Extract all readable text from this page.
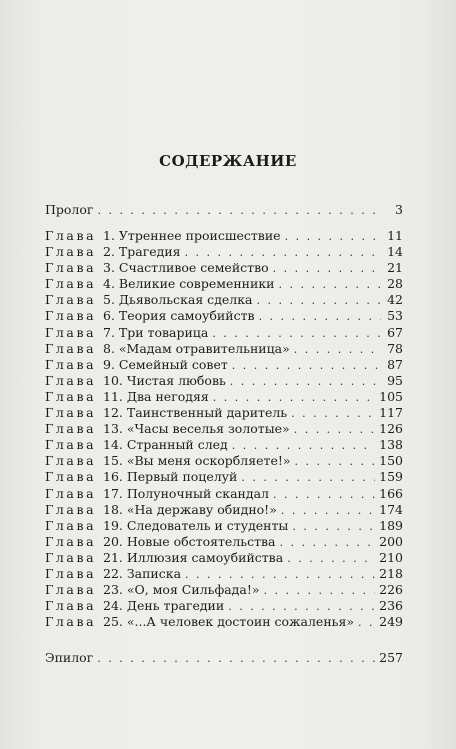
СОДЕРЖАНИЕ
Пролог . . .	3
Глава 1. Утреннее происшествие . . .	11
Глава 2. Трагедия . . .	14
Глава 3. Счастливое семейство . . .	21
Глава 4. Великие современники . . .	28
Глава 5. Дьявольская сделка . . .	42
Глава 6. Теория самоубийств . . .	53
Глава 7. Три товарица . . .	67
Глава 8. «Мадам отравительница» . . .	78
Глава 9. Семейный совет . . .	87
Глава 10. Чистая любовь . . .	95
Глава 11. Два негодяя . . .	105
Глава 12. Таинственный даритель . . .	117
Глава 13. «Часы веселья золотые» . . .	126
Глава 14. Странный след . . .	138
Глава 15. «Вы меня оскорбляете!» . . .	150
Глава 16. Первый поцелуй . . .	159
Глава 17. Полуночный скандал . . .	166
Глава 18. «На державу обидно!» . . .	174
Глава 19. Следователь и студенты . . .	189
Глава 20. Новые обстоятельства . . .	200
Глава 21. Иллюзия самоубийства . . .	210
Глава 22. Записка . . .	218
Глава 23. «О, моя Сильфада!» . . .	226
Глава 24. День трагедии . . .	236
Глава 25. «...А человек достоин сожаленья» . . . 249
Эпилог . . .	257
